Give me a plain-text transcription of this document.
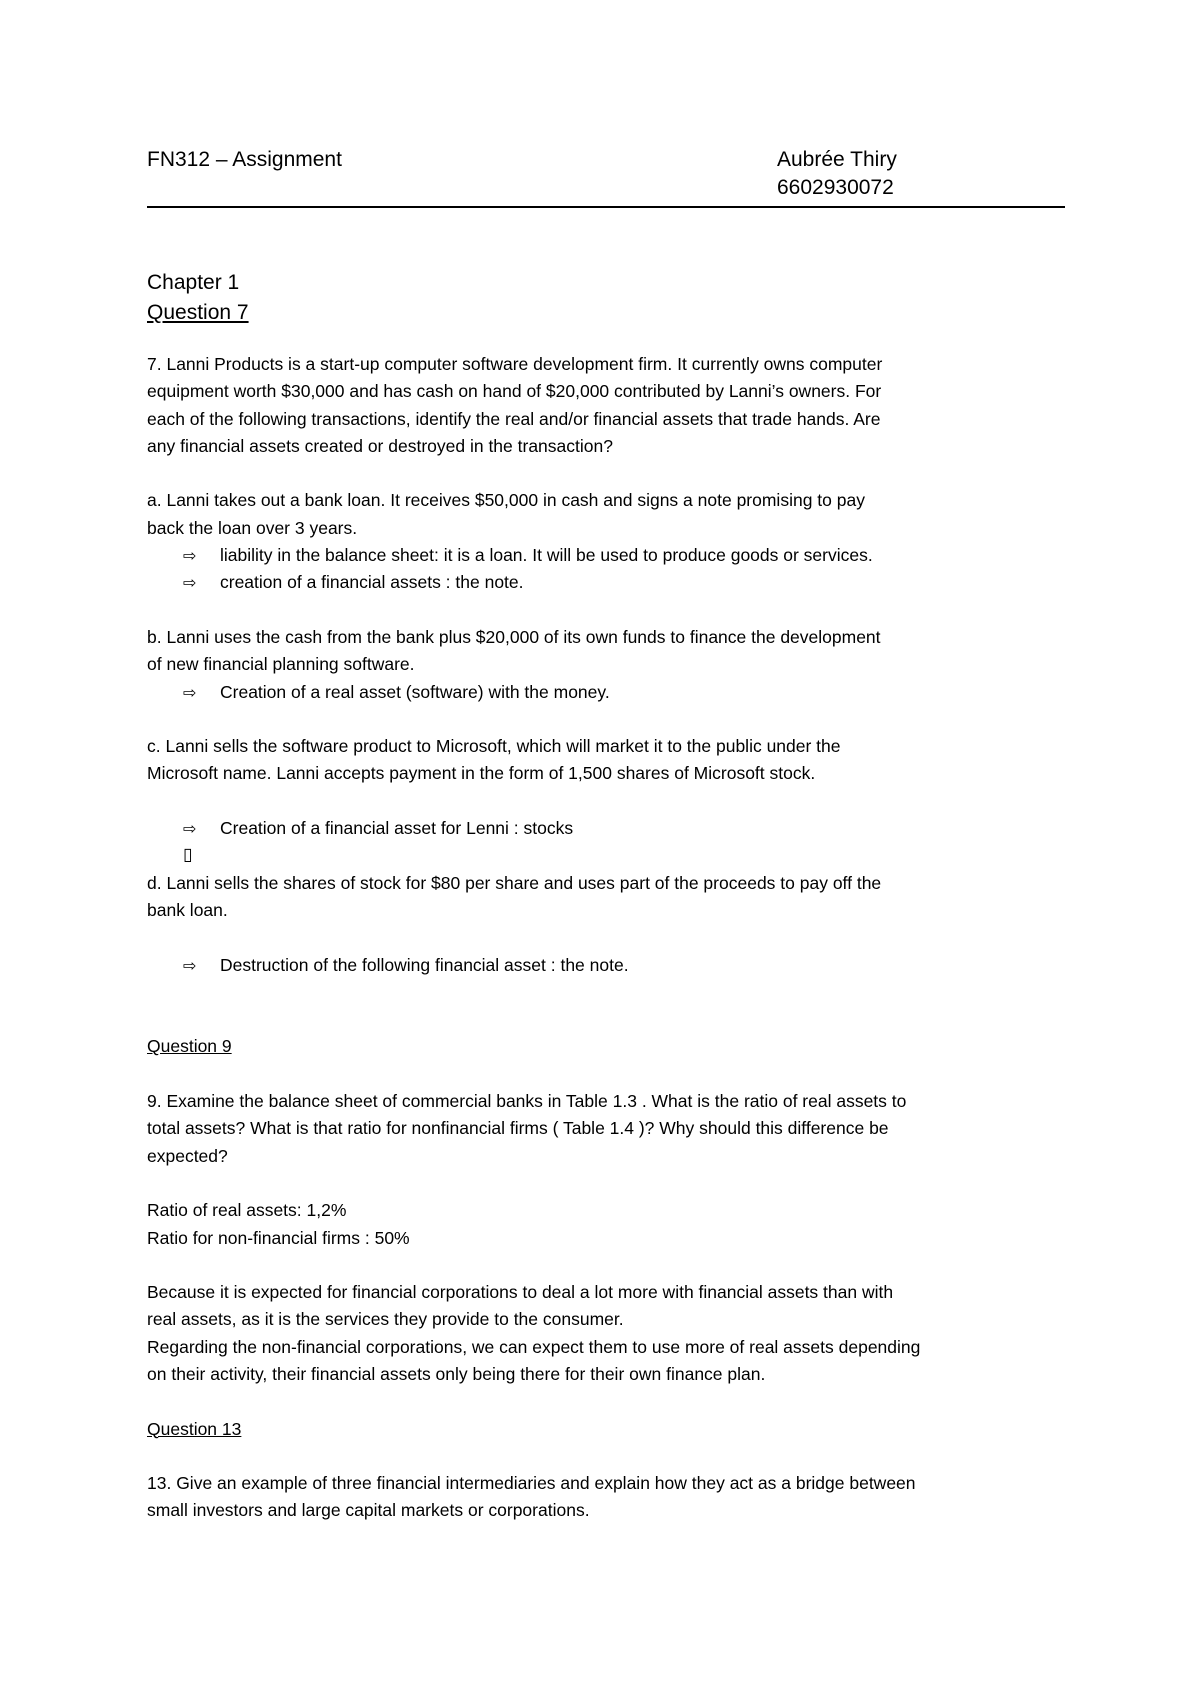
FN312 – Assignment	Aubrée Thiry
6602930072

Chapter 1

Question 7

7. Lanni Products is a start-up computer software development firm. It currently owns computer

equipment worth $30,000 and has cash on hand of $20,000 contributed by Lanni’s owners. For

each of the following transactions, identify the real and/or financial assets that trade hands. Are

any financial assets created or destroyed in the transaction?

a. Lanni takes out a bank loan. It receives $50,000 in cash and signs a note promising to pay

back the loan over 3 years.

⇨ liability in the balance sheet: it is a loan. It will be used to produce goods or services.

⇨ creation of a financial assets : the note.

b. Lanni uses the cash from the bank plus $20,000 of its own funds to finance the development

of new financial planning software.

⇨ Creation of a real asset (software) with the money.

c. Lanni sells the software product to Microsoft, which will market it to the public under the

Microsoft name. Lanni accepts payment in the form of 1,500 shares of Microsoft stock.

⇨ Creation of a financial asset for Lenni : stocks

▯

d. Lanni sells the shares of stock for $80 per share and uses part of the proceeds to pay off the

bank loan.

⇨ Destruction of the following financial asset : the note.

Question 9

9. Examine the balance sheet of commercial banks in Table 1.3 . What is the ratio of real assets to

total assets? What is that ratio for nonfinancial firms ( Table 1.4 )? Why should this difference be

expected?

Ratio of real assets: 1,2%

Ratio for non-financial firms : 50%

Because it is expected for financial corporations to deal a lot more with financial assets than with

real assets, as it is the services they provide to the consumer.

Regarding the non-financial corporations, we can expect them to use more of real assets depending

on their activity, their financial assets only being there for their own finance plan.

Question 13

13. Give an example of three financial intermediaries and explain how they act as a bridge between

small investors and large capital markets or corporations.
